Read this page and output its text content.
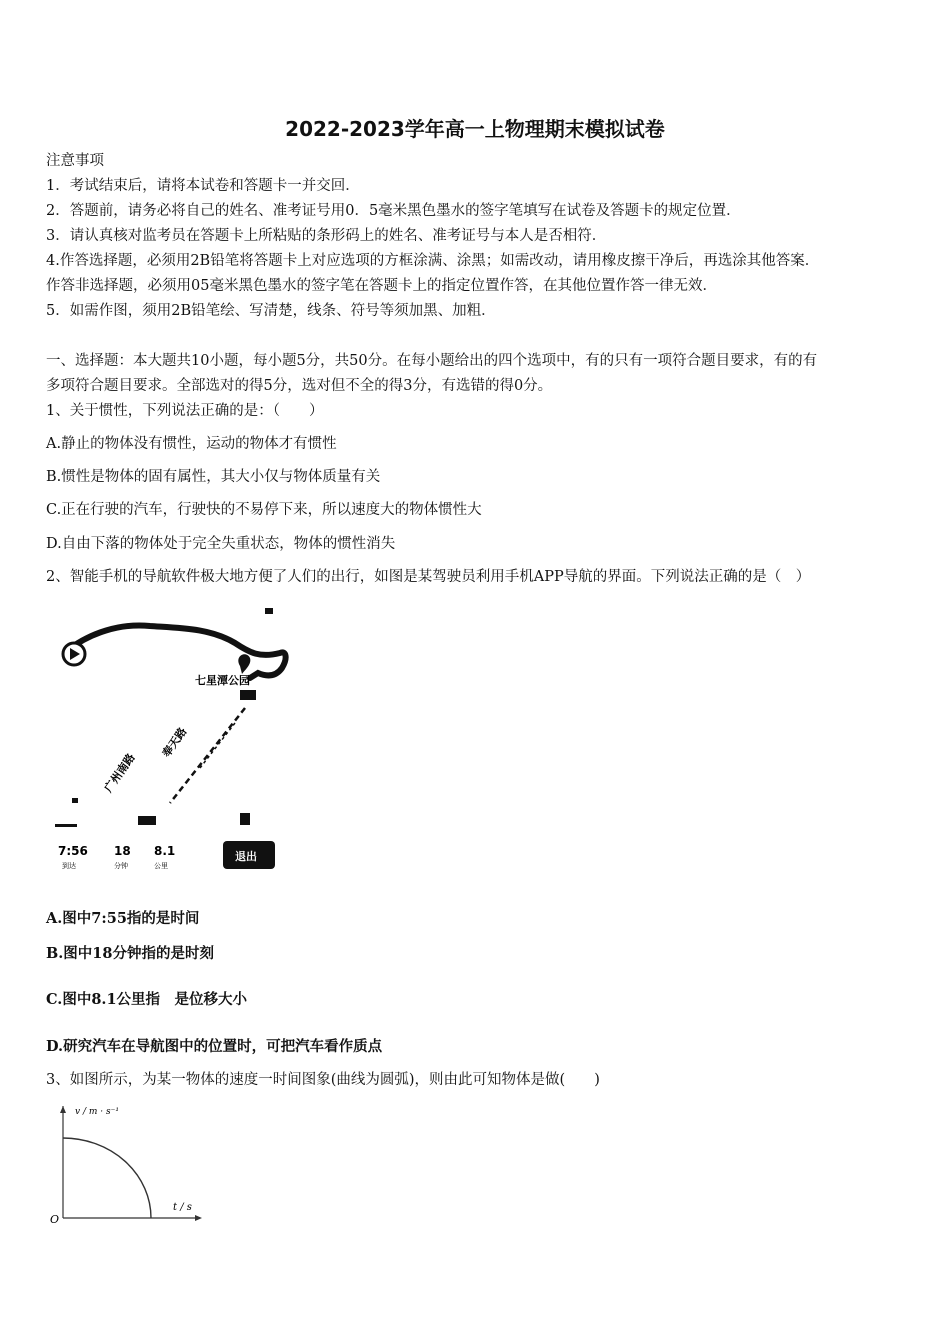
2022-2023学年高一上物理期末模拟试卷
注意事项
1．考试结束后，请将本试卷和答题卡一并交回．
2．答题前，请务必将自己的姓名、准考证号用0．5毫米黑色墨水的签字笔填写在试卷及答题卡的规定位置．
3．请认真核对监考员在答题卡上所粘贴的条形码上的姓名、准考证号与本人是否相符．
4.作答选择题，必须用2B铅笔将答题卡上对应选项的方框涂满、涂黑；如需改动，请用橡皮擦干净后，再选涂其他答案．
作答非选择题，必须用05毫米黑色墨水的签字笔在答题卡上的指定位置作答，在其他位置作答一律无效．
5．如需作图，须用2B铅笔绘、写清楚，线条、符号等须加黑、加粗．
一、选择题：本大题共10小题，每小题5分，共50分。在每小题给出的四个选项中，有的只有一项符合题目要求，有的有
多项符合题目要求。全部选对的得5分，选对但不全的得3分，有选错的得0分。
1、关于惯性，下列说法正确的是：（　　）
A.静止的物体没有惯性，运动的物体才有惯性
B.惯性是物体的固有属性，其大小仅与物体质量有关
C.正在行驶的汽车，行驶快的不易停下来，所以速度大的物体惯性大
D.自由下落的物体处于完全失重状态，物体的惯性消失
2、智能手机的导航软件极大地方便了人们的出行，如图是某驾驶员利用手机APP导航的界面。下列说法正确的是（　）
七星潭公园
广州南路
奉天路
7:56
到达
18
分钟
8.1
公里
退出
A.图中7:55指的是时间
B.图中18分钟指的是时刻
C.图中8.1公里指　是位移大小
D.研究汽车在导航图中的位置时，可把汽车看作质点
3、如图所示，为某一物体的速度一时间图象(曲线为圆弧)，则由此可知物体是做(　　)
v / m · s⁻¹
t / s
O
